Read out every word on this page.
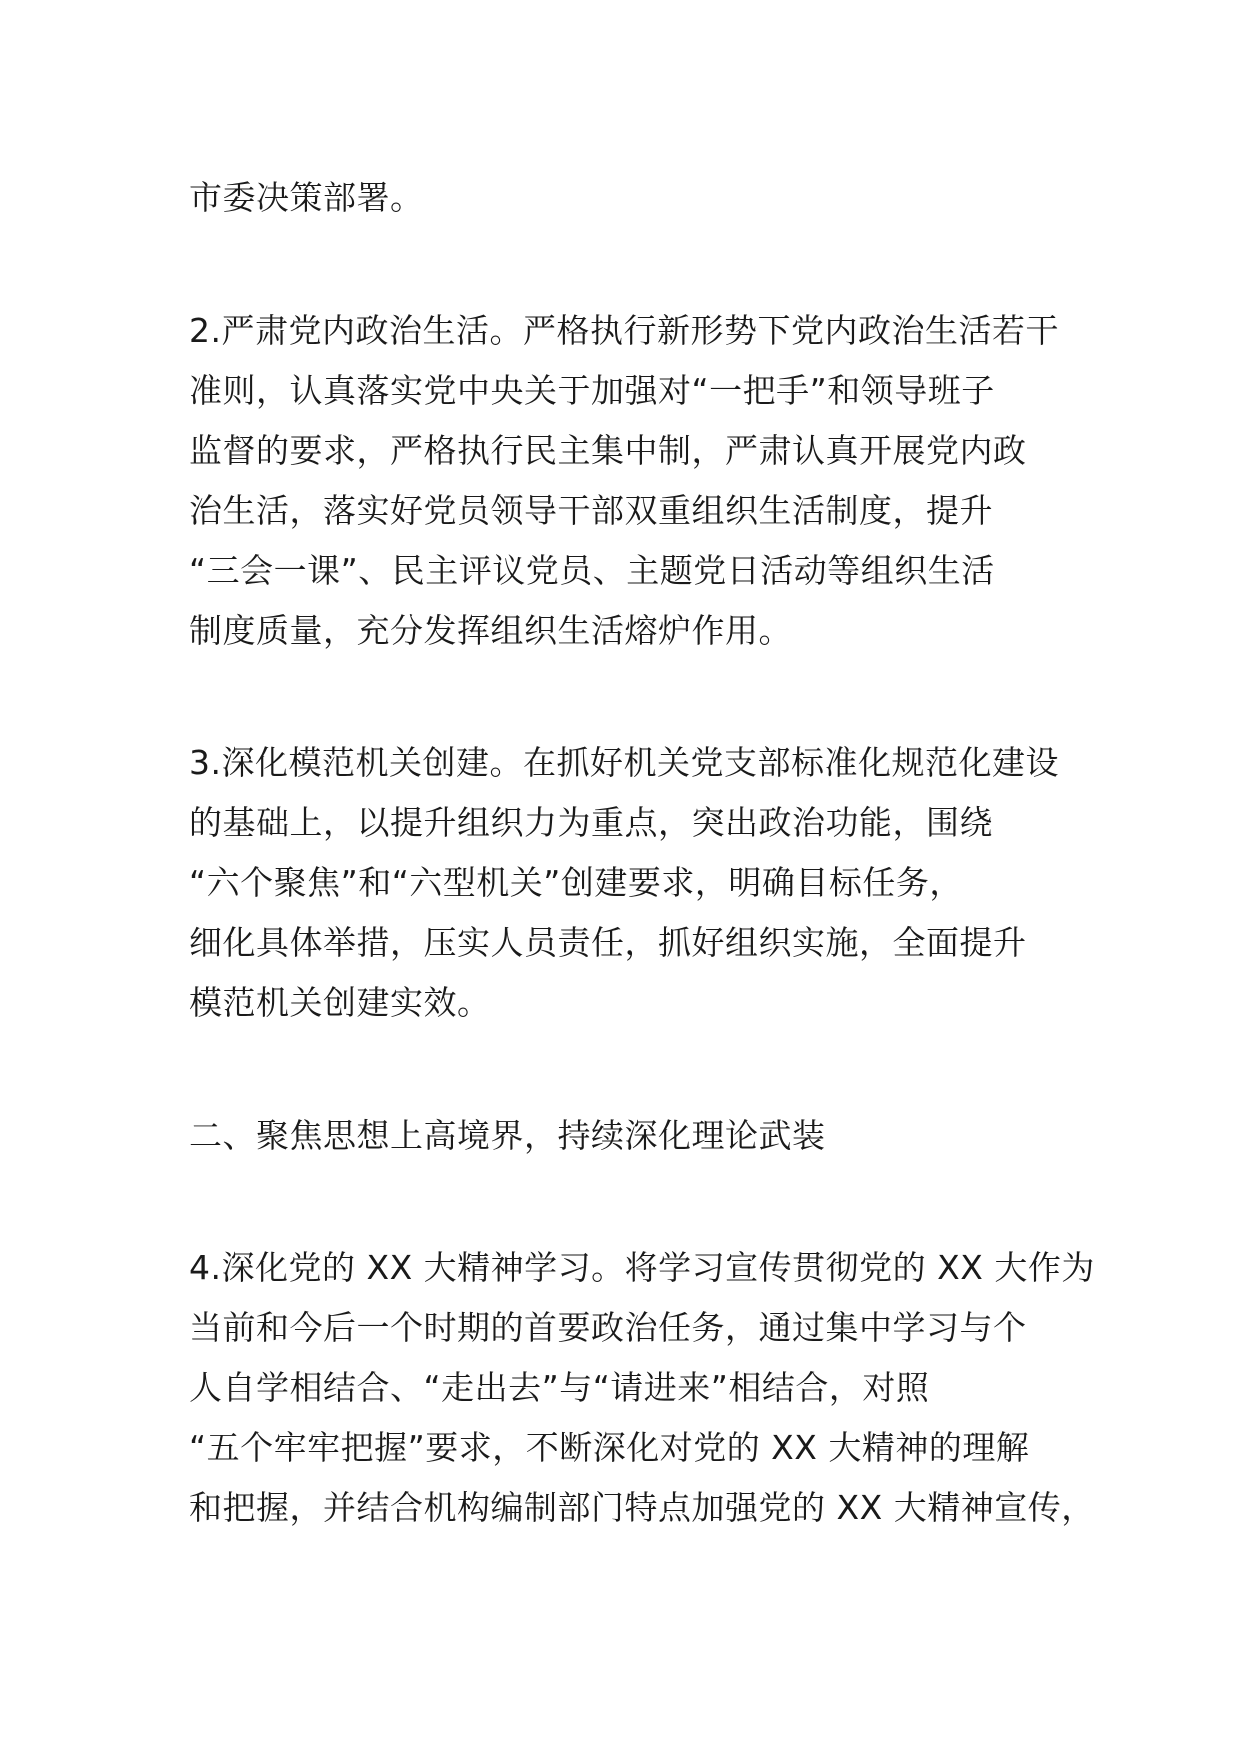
市委决策部署。
2.严肃党内政治生活。严格执行新形势下党内政治生活若干
准则，认真落实党中央关于加强对“一把手”和领导班子
监督的要求，严格执行民主集中制，严肃认真开展党内政
治生活，落实好党员领导干部双重组织生活制度，提升
“三会一课”、民主评议党员、主题党日活动等组织生活
制度质量，充分发挥组织生活熔炉作用。
3.深化模范机关创建。在抓好机关党支部标准化规范化建设
的基础上，以提升组织力为重点，突出政治功能，围绕
“六个聚焦”和“六型机关”创建要求，明确目标任务，
细化具体举措，压实人员责任，抓好组织实施，全面提升
模范机关创建实效。
二、聚焦思想上高境界，持续深化理论武装
4.深化党的 XX 大精神学习。将学习宣传贯彻党的 XX 大作为
当前和今后一个时期的首要政治任务，通过集中学习与个
人自学相结合、“走出去”与“请进来”相结合，对照
“五个牢牢把握”要求，不断深化对党的 XX 大精神的理解
和把握，并结合机构编制部门特点加强党的 XX 大精神宣传，
